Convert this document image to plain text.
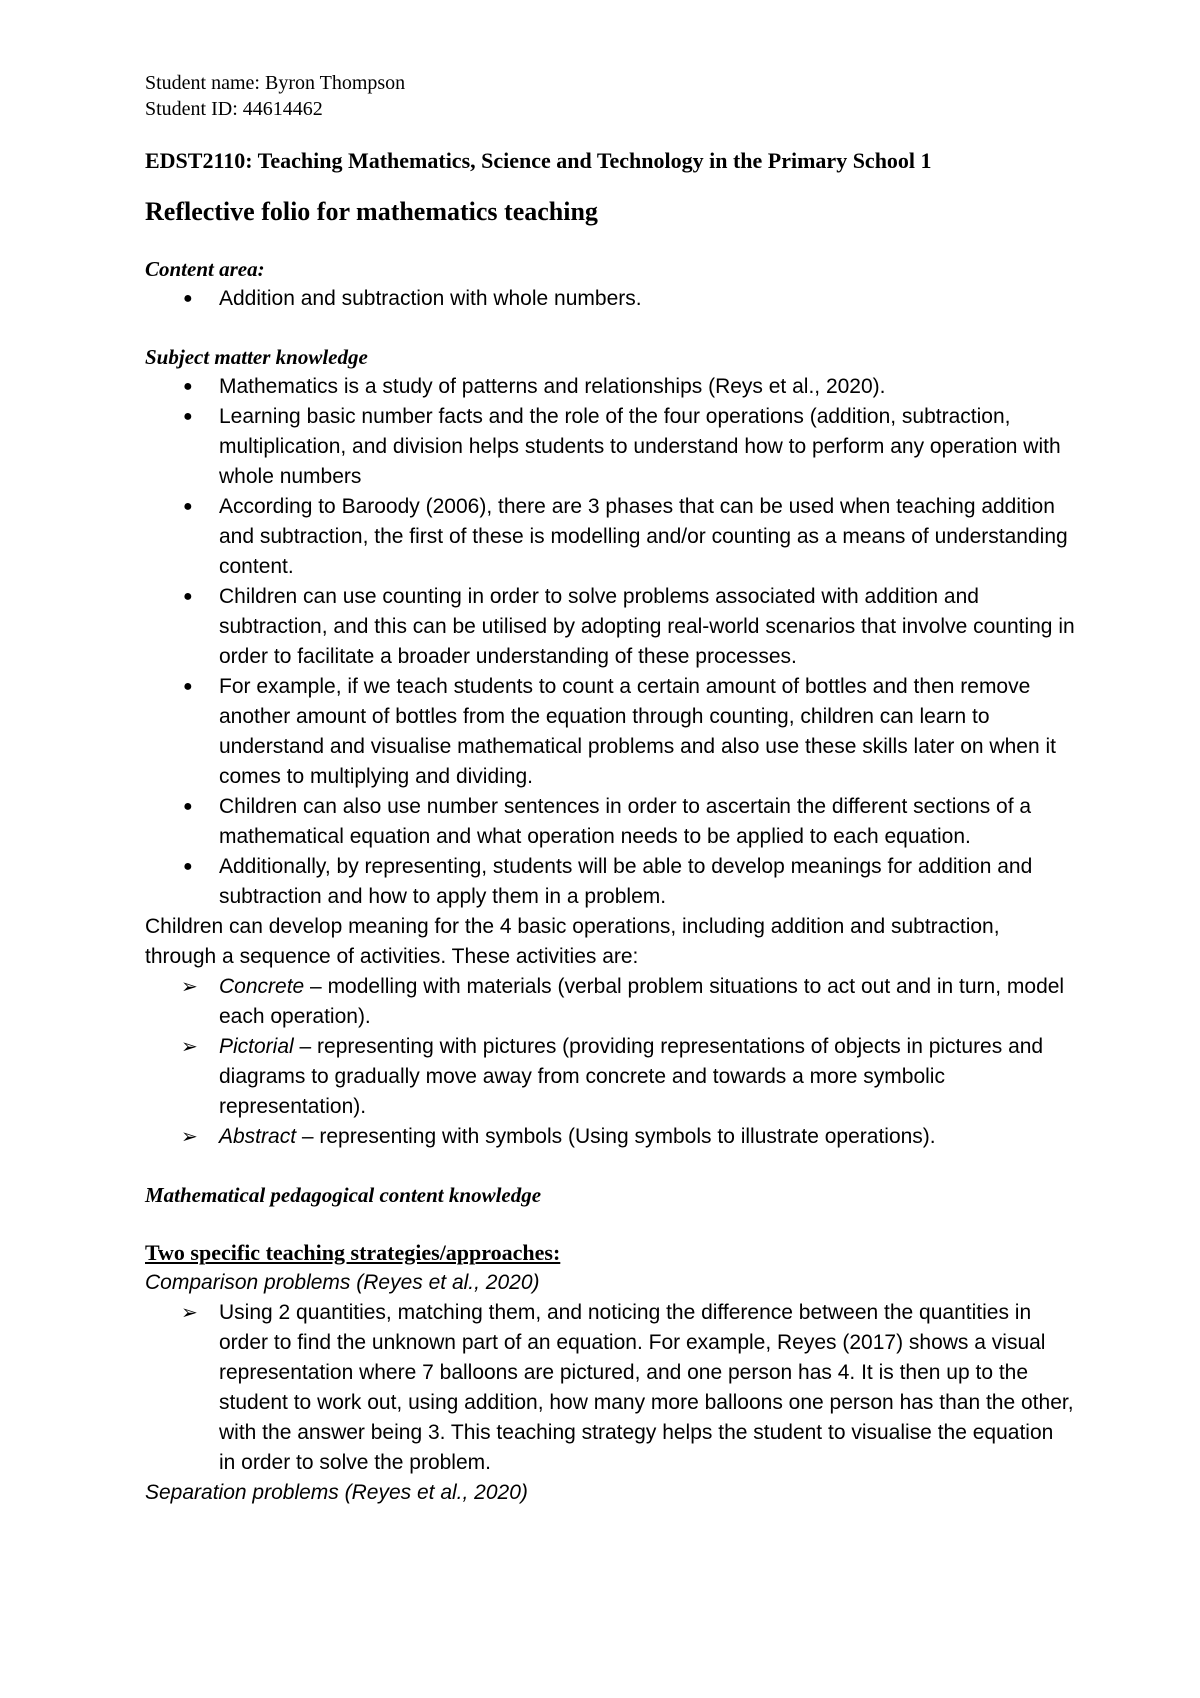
Student name: Byron Thompson
Student ID: 44614462
EDST2110: Teaching Mathematics, Science and Technology in the Primary School 1
Reflective folio for mathematics teaching
Content area:
● Addition and subtraction with whole numbers.
Subject matter knowledge
● Mathematics is a study of patterns and relationships (Reys et al., 2020).
● Learning basic number facts and the role of the four operations (addition, subtraction, multiplication, and division helps students to understand how to perform any operation with whole numbers
● According to Baroody (2006), there are 3 phases that can be used when teaching addition and subtraction, the first of these is modelling and/or counting as a means of understanding content.
● Children can use counting in order to solve problems associated with addition and subtraction, and this can be utilised by adopting real-world scenarios that involve counting in order to facilitate a broader understanding of these processes.
● For example, if we teach students to count a certain amount of bottles and then remove another amount of bottles from the equation through counting, children can learn to understand and visualise mathematical problems and also use these skills later on when it comes to multiplying and dividing.
● Children can also use number sentences in order to ascertain the different sections of a mathematical equation and what operation needs to be applied to each equation.
● Additionally, by representing, students will be able to develop meanings for addition and subtraction and how to apply them in a problem.
Children can develop meaning for the 4 basic operations, including addition and subtraction, through a sequence of activities. These activities are:
➢ Concrete – modelling with materials (verbal problem situations to act out and in turn, model each operation).
➢ Pictorial – representing with pictures (providing representations of objects in pictures and diagrams to gradually move away from concrete and towards a more symbolic representation).
➢ Abstract – representing with symbols (Using symbols to illustrate operations).
Mathematical pedagogical content knowledge
Two specific teaching strategies/approaches:
Comparison problems (Reyes et al., 2020)
➢ Using 2 quantities, matching them, and noticing the difference between the quantities in order to find the unknown part of an equation. For example, Reyes (2017) shows a visual representation where 7 balloons are pictured, and one person has 4. It is then up to the student to work out, using addition, how many more balloons one person has than the other, with the answer being 3. This teaching strategy helps the student to visualise the equation in order to solve the problem.
Separation problems (Reyes et al., 2020)
